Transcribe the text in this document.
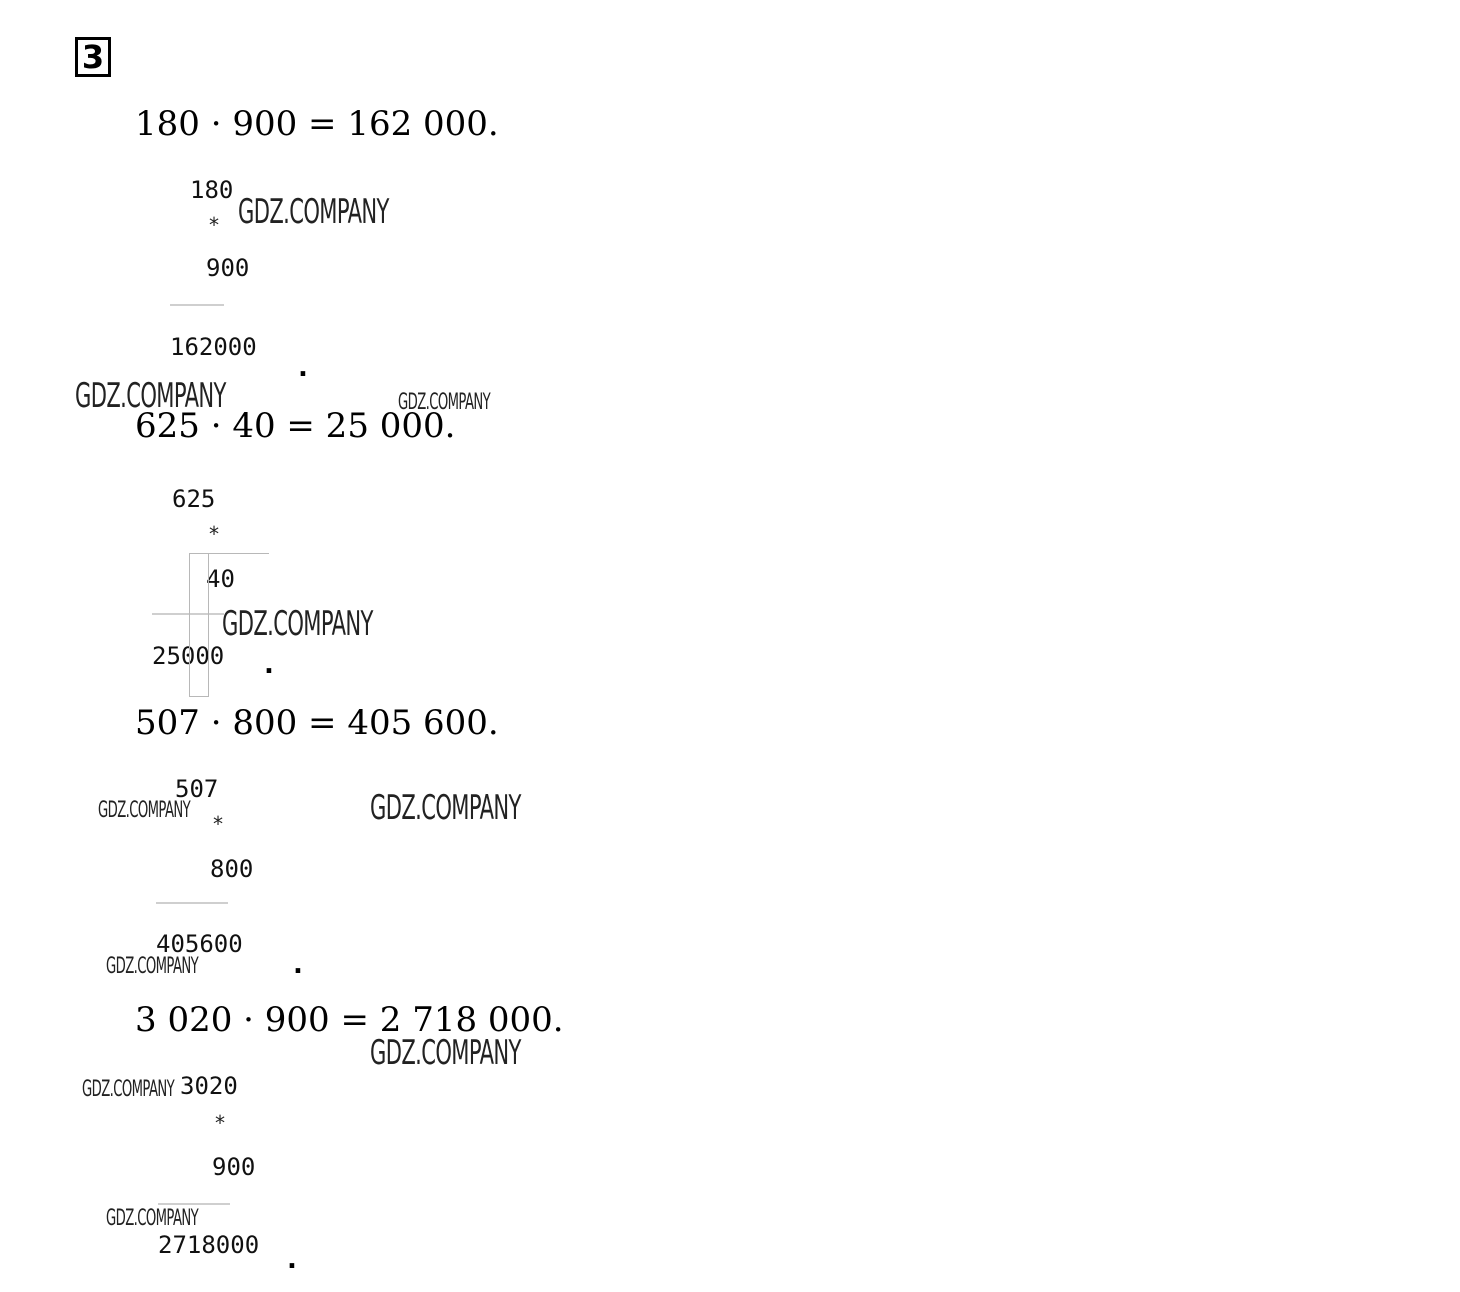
3
180 · 900 = 162 000.
180
*
900
162000
.
625 · 40 = 25 000.
625
*
40
25000 .
507 · 800 = 405 600.
507
*
800
405600
.
3 020 · 900 = 2 718 000.
3020
*
900
2718000 .
GDZ.COMPANY
GDZ.COMPANY	GDZ.COMPANY
GDZ.COMPANY
GDZ.COMPANY	GDZ.COMPANY
GDZ.COMPANY
GDZ.COMPANY
GDZ.COMPANY
GDZ.COMPANY
